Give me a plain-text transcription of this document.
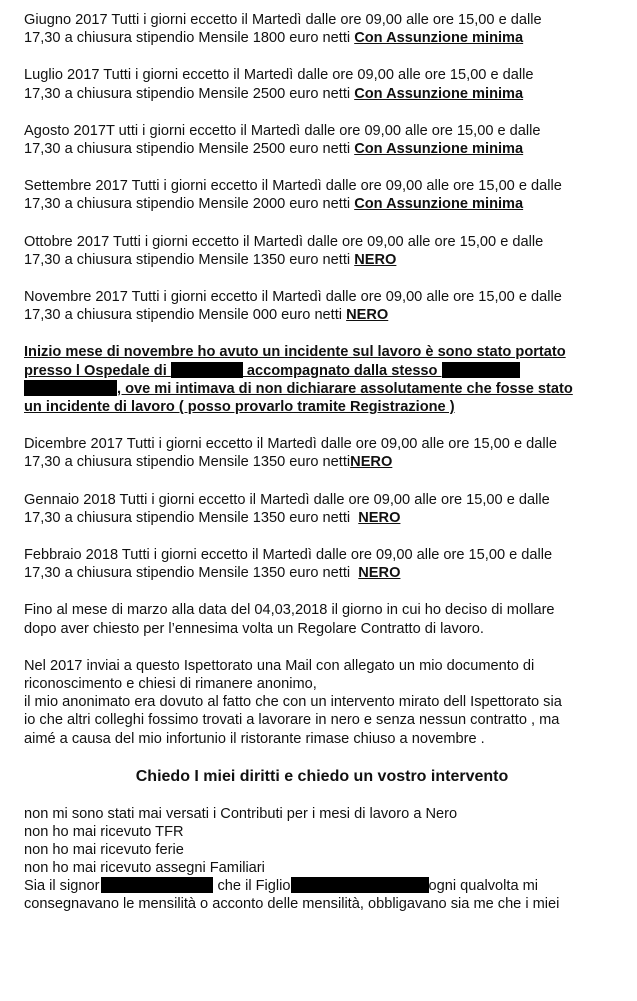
Giugno 2017 Tutti i giorni eccetto il Martedì dalle ore 09,00 alle ore 15,00 e dalle
17,30 a chiusura stipendio Mensile 1800 euro netti Con Assunzione minima
Luglio 2017 Tutti i giorni eccetto il Martedì dalle ore 09,00 alle ore 15,00 e dalle
17,30 a chiusura stipendio Mensile 2500 euro netti Con Assunzione minima
Agosto 2017T utti i giorni eccetto il Martedì dalle ore 09,00 alle ore 15,00 e dalle
17,30 a chiusura stipendio Mensile 2500 euro netti Con Assunzione minima
Settembre 2017 Tutti i giorni eccetto il Martedì dalle ore 09,00 alle ore 15,00 e dalle
17,30 a chiusura stipendio Mensile 2000 euro netti Con Assunzione minima
Ottobre 2017 Tutti i giorni eccetto il Martedì dalle ore 09,00 alle ore 15,00 e dalle
17,30 a chiusura stipendio Mensile 1350 euro netti NERO
Novembre 2017 Tutti i giorni eccetto il Martedì dalle ore 09,00 alle ore 15,00 e dalle
17,30 a chiusura stipendio Mensile 000 euro netti NERO
Inizio mese di novembre ho avuto un incidente sul lavoro è sono stato portato
presso l Ospedale di	accompagnato dalla stesso
, ove mi intimava di non dichiarare assolutamente che fosse stato
un incidente di lavoro ( posso provarlo tramite Registrazione )
Dicembre 2017 Tutti i giorni eccetto il Martedì dalle ore 09,00 alle ore 15,00 e dalle
17,30 a chiusura stipendio Mensile 1350 euro nettiNERO
Gennaio 2018 Tutti i giorni eccetto il Martedì dalle ore 09,00 alle ore 15,00 e dalle
17,30 a chiusura stipendio Mensile 1350 euro netti  NERO
Febbraio 2018 Tutti i giorni eccetto il Martedì dalle ore 09,00 alle ore 15,00 e dalle
17,30 a chiusura stipendio Mensile 1350 euro netti  NERO
Fino al mese di marzo alla data del 04,03,2018 il giorno in cui ho deciso di mollare
dopo aver chiesto per l’ennesima volta un Regolare Contratto di lavoro.
Nel 2017 inviai a questo Ispettorato una Mail con allegato un mio documento di
riconoscimento e chiesi di rimanere anonimo,
il mio anonimato era dovuto al fatto che con un intervento mirato dell Ispettorato sia
io che altri colleghi fossimo trovati a lavorare in nero e senza nessun contratto , ma
aimé a causa del mio infortunio il ristorante rimase chiuso a novembre .
Chiedo I miei diritti e chiedo un vostro intervento
non mi sono stati mai versati i Contributi per i mesi di lavoro a Nero
non ho mai ricevuto TFR
non ho mai ricevuto ferie
non ho mai ricevuto assegni Familiari
Sia il signor	che il Figlio	ogni qualvolta mi
consegnavano le mensilità o acconto delle mensilità, obbligavano sia me che i miei
